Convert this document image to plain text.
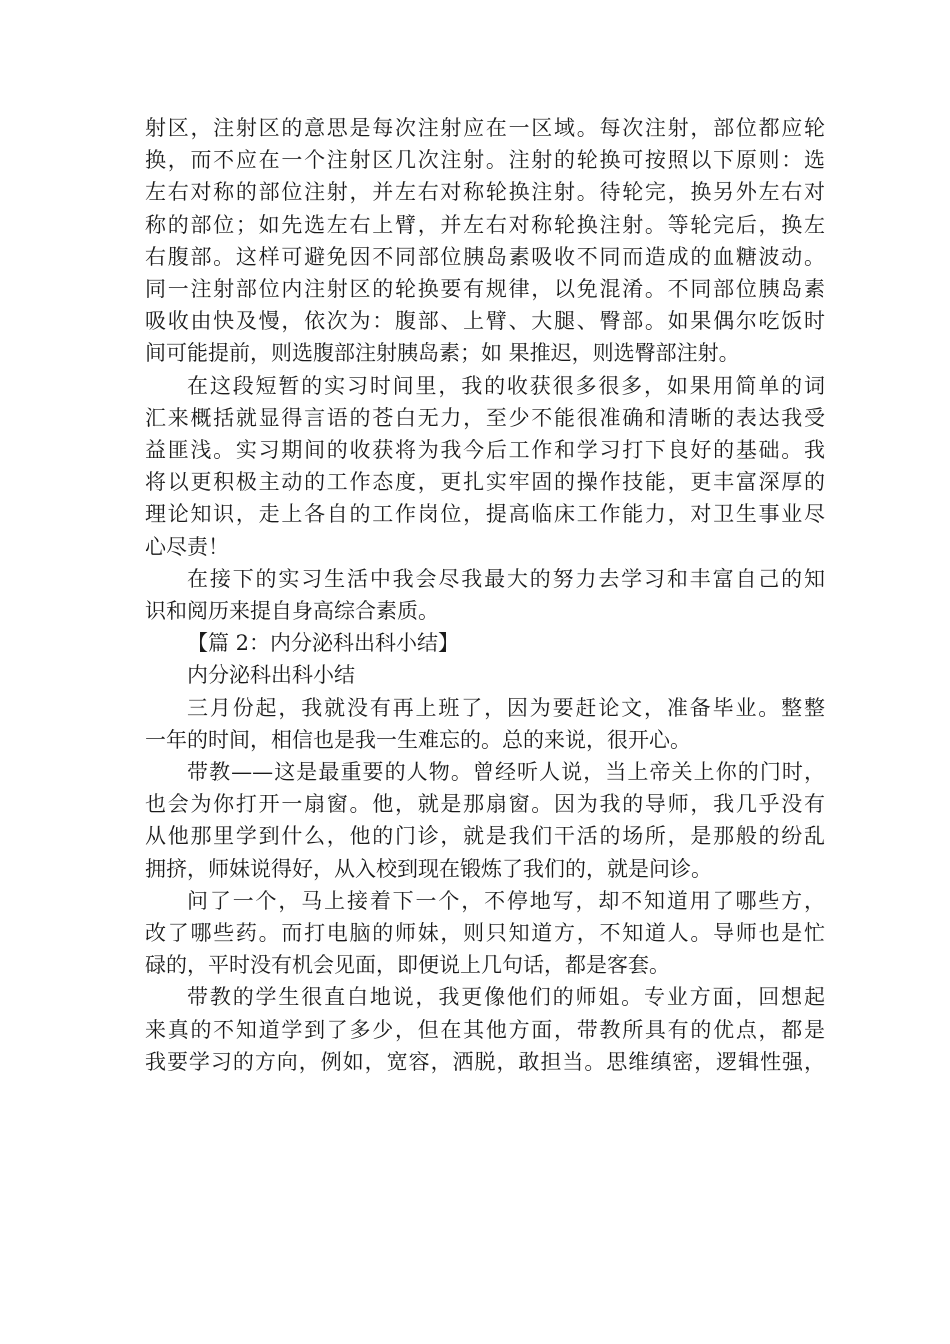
射区，注射区的意思是每次注射应在一区域。每次注射，部位都应轮
换，而不应在一个注射区几次注射。注射的轮换可按照以下原则：选
左右对称的部位注射，并左右对称轮换注射。待轮完，换另外左右对
称的部位；如先选左右上臂，并左右对称轮换注射。等轮完后，换左
右腹部。这样可避免因不同部位胰岛素吸收不同而造成的血糖波动。
同一注射部位内注射区的轮换要有规律，以免混淆。不同部位胰岛素
吸收由快及慢，依次为：腹部、上臂、大腿、臀部。如果偶尔吃饭时
间可能提前，则选腹部注射胰岛素；如 果推迟，则选臀部注射。
在这段短暂的实习时间里，我的收获很多很多，如果用简单的词
汇来概括就显得言语的苍白无力，至少不能很准确和清晰的表达我受
益匪浅。实习期间的收获将为我今后工作和学习打下良好的基础。我
将以更积极主动的工作态度，更扎实牢固的操作技能，更丰富深厚的
理论知识，走上各自的工作岗位，提高临床工作能力，对卫生事业尽
心尽责！
在接下的实习生活中我会尽我最大的努力去学习和丰富自己的知
识和阅历来提自身高综合素质。
【篇 2：内分泌科出科小结】
内分泌科出科小结
三月份起，我就没有再上班了，因为要赶论文，准备毕业。整整
一年的时间，相信也是我一生难忘的。总的来说，很开心。
带教——这是最重要的人物。曾经听人说，当上帝关上你的门时，
也会为你打开一扇窗。他，就是那扇窗。因为我的导师，我几乎没有
从他那里学到什么，他的门诊，就是我们干活的场所，是那般的纷乱
拥挤，师妹说得好，从入校到现在锻炼了我们的，就是问诊。
问了一个，马上接着下一个，不停地写，却不知道用了哪些方，
改了哪些药。而打电脑的师妹，则只知道方，不知道人。导师也是忙
碌的，平时没有机会见面，即便说上几句话，都是客套。
带教的学生很直白地说，我更像他们的师姐。专业方面，回想起
来真的不知道学到了多少，但在其他方面，带教所具有的优点，都是
我要学习的方向，例如，宽容，洒脱，敢担当。思维缜密，逻辑性强，
